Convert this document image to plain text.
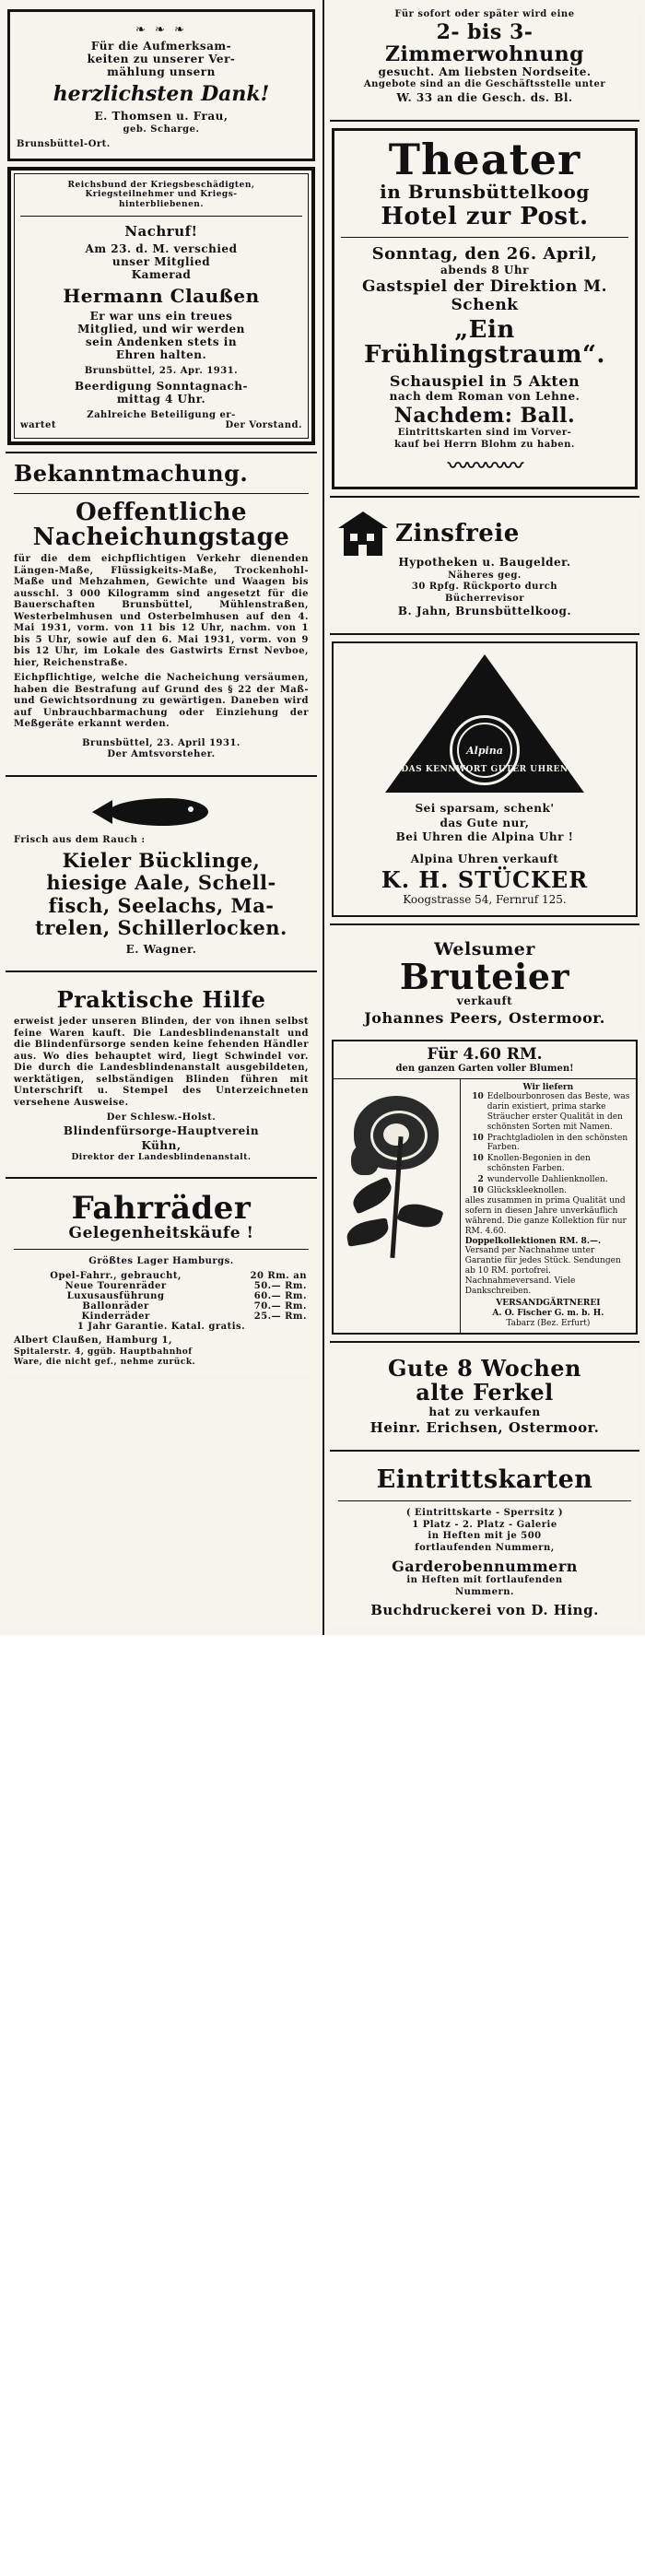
❧ ❧ ❧
Für die Aufmerksam-
keiten zu unserer Ver-
mählung unsern
herzlichsten Dank!
E. Thomsen u. Frau,
geb. Scharge.
Brunsbüttel-Ort.
Reichsbund der Kriegsbeschädigten,
Kriegsteilnehmer und Kriegs-
hinterbliebenen.
Nachruf!
Am 23. d. M. verschied
unser Mitglied
Kamerad
Hermann Claußen
Er war uns ein treues
Mitglied, und wir werden
sein Andenken stets in
Ehren halten.
Brunsbüttel, 25. Apr. 1931.
Beerdigung Sonntagnach-
mittag 4 Uhr.
Zahlreiche Beteiligung er-
wartet	Der Vorstand.
Bekanntmachung.
Oeffentliche
Nacheichungstage
für die dem eichpflichtigen Verkehr dienenden Längen-Maße, Flüssigkeits-Maße, Trockenhohl-Maße und Mehzahmen, Gewichte und Waagen bis ausschl. 3 000 Kilogramm sind angesetzt für die Bauerschaften Brunsbüttel, Mühlenstraßen, Westerbelmhusen und Osterbelmhusen auf den 4. Mai 1931, vorm. von 11 bis 12 Uhr, nachm. von 1 bis 5 Uhr, sowie auf den 6. Mai 1931, vorm. von 9 bis 12 Uhr, im Lokale des Gastwirts Ernst Nevboe, hier, Reichenstraße.
Eichpflichtige, welche die Nacheichung versäumen, haben die Bestrafung auf Grund des § 22 der Maß- und Gewichtsordnung zu gewärtigen. Daneben wird auf Unbrauchbarmachung oder Einziehung der Meßgeräte erkannt werden.
Brunsbüttel, 23. April 1931.
Der Amtsvorsteher.
Frisch aus dem Rauch :
Kieler Bücklinge,
hiesige Aale, Schell-
fisch, Seelachs, Ma-
trelen, Schillerlocken.
E. Wagner.
Praktische Hilfe
erweist jeder unseren Blinden, der von ihnen selbst feine Waren kauft. Die Landesblindenanstalt und die Blindenfürsorge senden keine fehenden Händler aus. Wo dies behauptet wird, liegt Schwindel vor. Die durch die Landesblindenanstalt ausgebildeten, werktätigen, selbständigen Blinden führen mit Unterschrift u. Stempel des Unterzeichneten versehene Ausweise.
Der Schlesw.-Holst.
Blindenfürsorge-Hauptverein
Kühn,
Direktor der Landesblindenanstalt.
Fahrräder
Gelegenheitskäufe !
Größtes Lager Hamburgs.
Opel-Fahrr., gebraucht,	20 Rm. an
Neue Tourenräder	50.— Rm.
Luxusausführung	60.— Rm.
Ballonräder	70.— Rm.
Kinderräder	25.— Rm.
1 Jahr Garantie. Katal. gratis.	
Albert Claußen, Hamburg 1,
Spitalerstr. 4, ggüb. Hauptbahnhof
Ware, die nicht gef., nehme zurück.
Für sofort oder später wird eine
2- bis 3-Zimmerwohnung
gesucht. Am liebsten Nordseite.
Angebote sind an die Geschäftsstelle unter
W. 33 an die Gesch. ds. Bl.
Theater
in Brunsbüttelkoog
Hotel zur Post.
Sonntag, den 26. April,
abends 8 Uhr
Gastspiel der Direktion M. Schenk
„Ein
Frühlingstraum“.
Schauspiel in 5 Akten
nach dem Roman von Lehne.
Nachdem: Ball.
Eintrittskarten sind im Vorver-
kauf bei Herrn Blohm zu haben.
〰〰〰〰
Zinsfreie
Hypotheken u. Baugelder.
Näheres geg.
30 Rpfg. Rückporto durch
Bücherrevisor
B. Jahn, Brunsbüttelkoog.
Alpina
DAS KENNWORT GUTER UHREN
Sei sparsam, schenk'
das Gute nur,
Bei Uhren die Alpina Uhr !
Alpina Uhren verkauft
K. H. STÜCKER
Koogstrasse 54, Fernruf 125.
Welsumer
Bruteier
verkauft
Johannes Peers, Ostermoor.
Für 4.60 RM.
den ganzen Garten voller Blumen!
Wir liefern
10 Edelbourbonrosen das Beste, was darin existiert, prima starke Sträucher erster Qualität in den schönsten Sorten mit Namen.
10 Prachtgladiolen in den schönsten Farben.
10 Knollen-Begonien in den schönsten Farben.
2 wundervolle Dahlienknollen.
10 Glückskleeknollen.
alles zusammen in prima Qualität und sofern in diesen Jahre unverkäuflich während. Die ganze Kollektion für nur RM. 4.60.
Doppelkollektionen RM. 8.—.
Versand per Nachnahme unter Garantie für jedes Stück. Sendungen ab 10 RM. portofrei.
Nachnahmeversand. Viele Dankschreiben.
VERSANDGÄRTNEREI
A. O. Fischer G. m. b. H.
Tabarz (Bez. Erfurt)
Gute 8 Wochen
alte Ferkel
hat zu verkaufen
Heinr. Erichsen, Ostermoor.
Eintrittskarten
( Eintrittskarte - Sperrsitz )
1 Platz - 2. Platz - Galerie
in Heften mit je 500
fortlaufenden Nummern,
Garderobennummern
in Heften mit fortlaufenden
Nummern.
Buchdruckerei von D. Hing.
